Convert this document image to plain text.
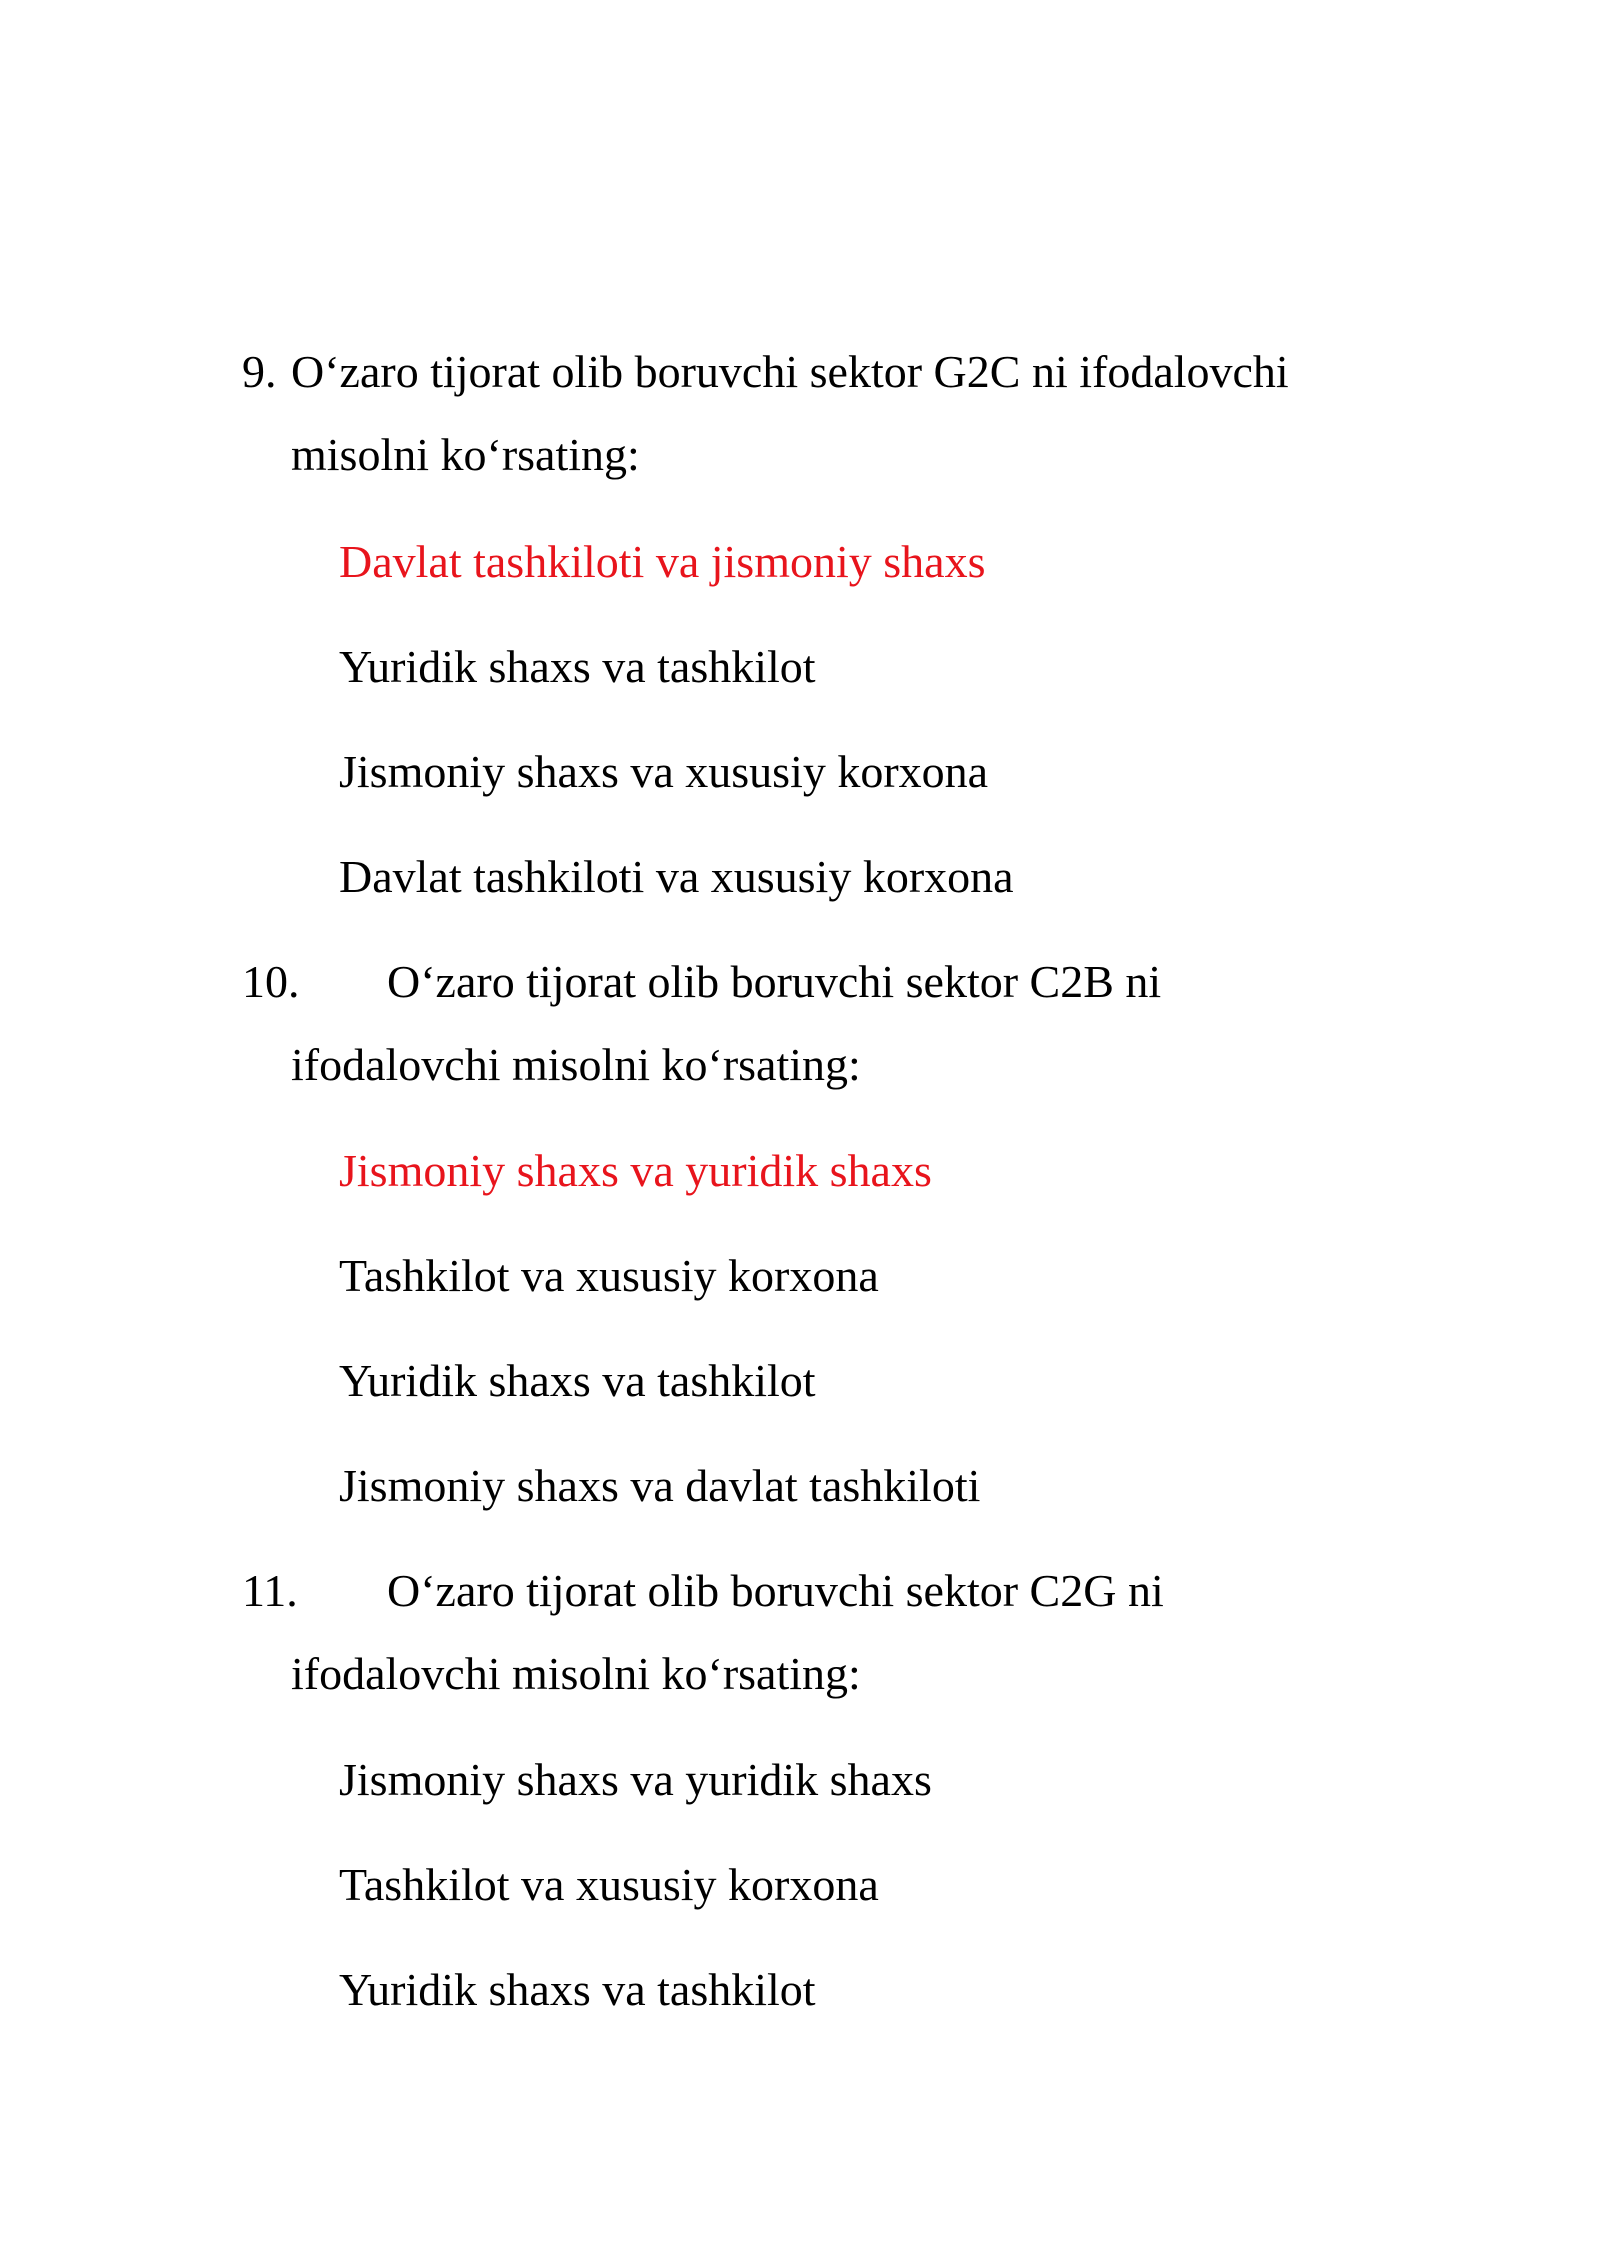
9. O‘zaro tijorat olib boruvchi sektor G2C ni ifodalovchi
misolni ko‘rsating:
Davlat tashkiloti va jismoniy shaxs
Yuridik shaxs va tashkilot
Jismoniy shaxs va xususiy korxona
Davlat tashkiloti va xususiy korxona
10. O‘zaro tijorat olib boruvchi sektor C2B ni
ifodalovchi misolni ko‘rsating:
Jismoniy shaxs va yuridik shaxs
Tashkilot va xususiy korxona
Yuridik shaxs va tashkilot
Jismoniy shaxs va davlat tashkiloti
11. O‘zaro tijorat olib boruvchi sektor C2G ni
ifodalovchi misolni ko‘rsating:
Jismoniy shaxs va yuridik shaxs
Tashkilot va xususiy korxona
Yuridik shaxs va tashkilot
